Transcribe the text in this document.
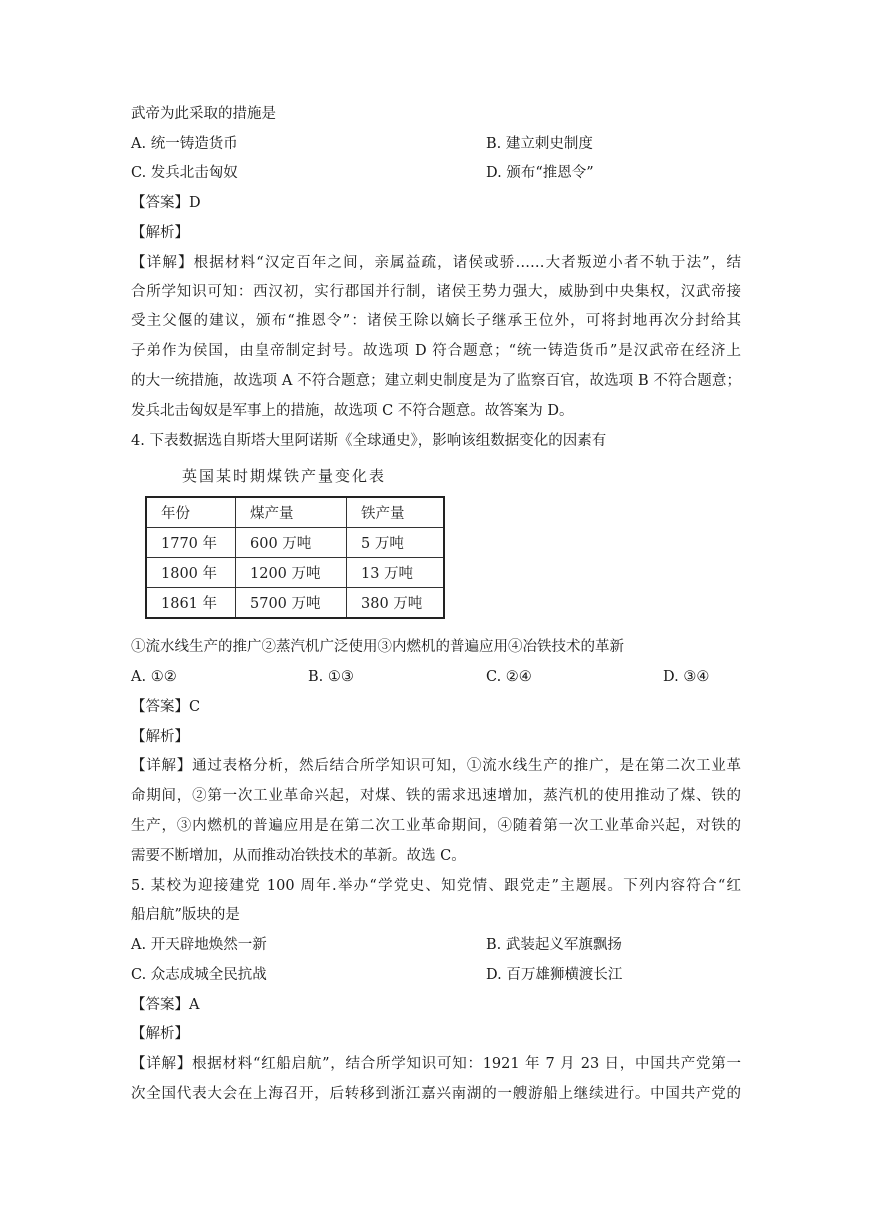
武帝为此采取的措施是
A. 统一铸造货币	B. 建立刺史制度
C. 发兵北击匈奴	D. 颁布“推恩令”
【答案】D
【解析】
【详解】根据材料“汉定百年之间，亲属益疏，诸侯或骄……大者叛逆小者不轨于法”，结
合所学知识可知：西汉初，实行郡国并行制，诸侯王势力强大，威胁到中央集权，汉武帝接
受主父偃的建议，颁布“推恩令”：诸侯王除以嫡长子继承王位外，可将封地再次分封给其
子弟作为侯国，由皇帝制定封号。故选项 D 符合题意；“统一铸造货币”是汉武帝在经济上
的大一统措施，故选项 A 不符合题意；建立刺史制度是为了监察百官，故选项 B 不符合题意；
发兵北击匈奴是军事上的措施，故选项 C 不符合题意。故答案为 D。
4. 下表数据选自斯塔大里阿诺斯《全球通史》，影响该组数据变化的因素有
英国某时期煤铁产量变化表
年份	煤产量	铁产量
1770 年	600 万吨	5 万吨
1800 年	1200 万吨	13 万吨
1861 年	5700 万吨	380 万吨
①流水线生产的推广②蒸汽机广泛使用③内燃机的普遍应用④冶铁技术的革新
A. ①②	B. ①③	C. ②④	D. ③④
【答案】C
【解析】
【详解】通过表格分析，然后结合所学知识可知，①流水线生产的推广，是在第二次工业革
命期间，②第一次工业革命兴起，对煤、铁的需求迅速增加，蒸汽机的使用推动了煤、铁的
生产，③内燃机的普遍应用是在第二次工业革命期间，④随着第一次工业革命兴起，对铁的
需要不断增加，从而推动冶铁技术的革新。故选 C。
5. 某校为迎接建党 100 周年.举办“学党史、知党情、跟党走”主题展。下列内容符合“红
船启航”版块的是
A. 开天辟地焕然一新	B. 武装起义军旗飘扬
C. 众志成城全民抗战	D. 百万雄狮横渡长江
【答案】A
【解析】
【详解】根据材料“红船启航”，结合所学知识可知：1921 年 7 月 23 日，中国共产党第一
次全国代表大会在上海召开，后转移到浙江嘉兴南湖的一艘游船上继续进行。中国共产党的
